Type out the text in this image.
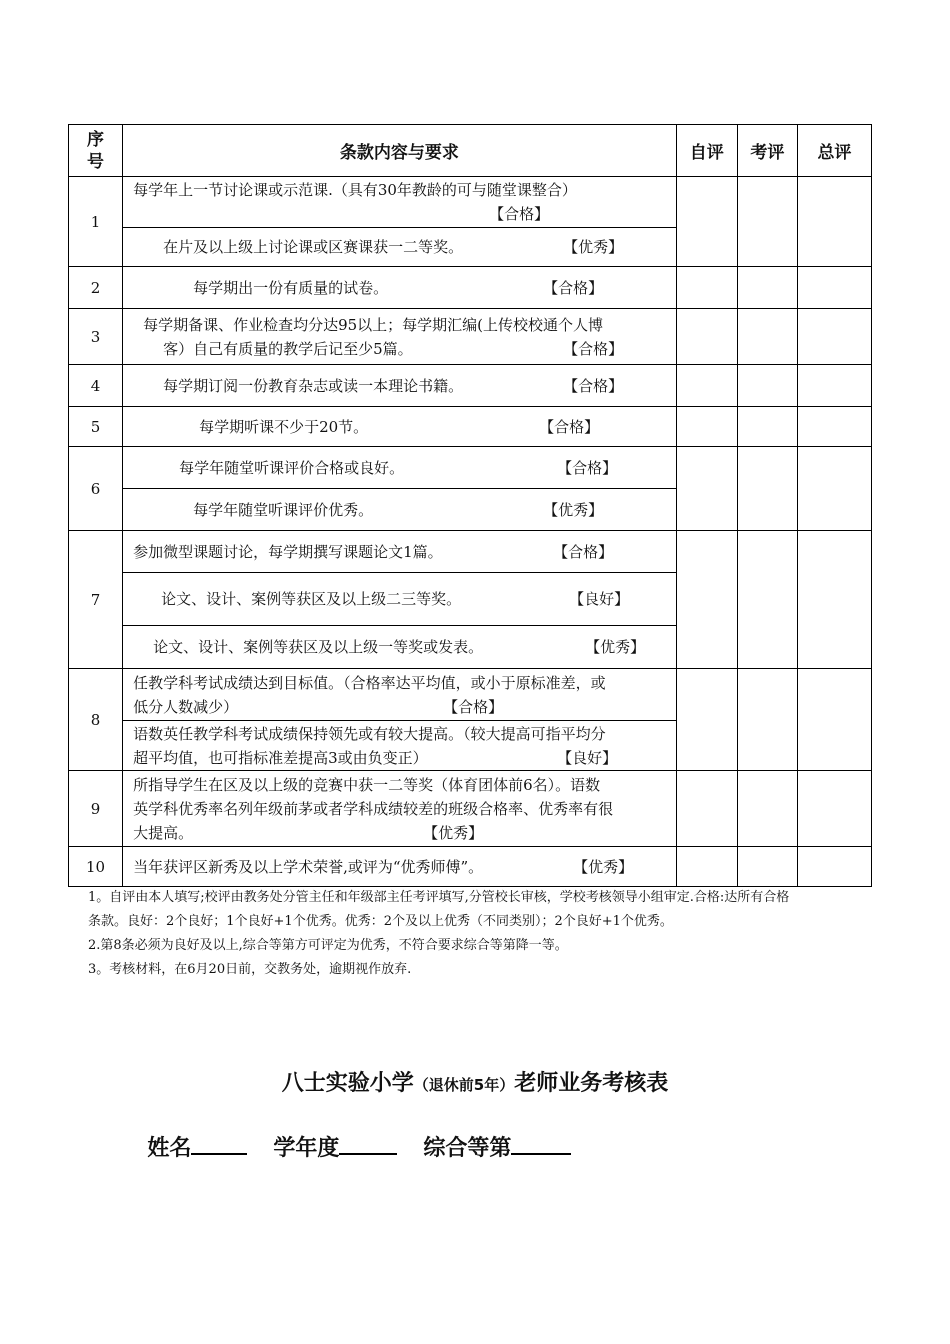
序
号	条款内容与要求	自评	考评	总评
1	每学年上一节讨论课或示范课.（具有30年教龄的可与随堂课整合）
【合格】			

	在片及以上级上讨论课或区赛课获一二等奖。 【优秀】			
2	每学期出一份有质量的试卷。 【合格】			
3	每学期备课、作业检查均分达95以上；每学期汇编(上传校校通个人博
客）自己有质量的教学后记至少5篇。 【合格】			

4	每学期订阅一份教育杂志或读一本理论书籍。 【合格】			
5	每学期听课不少于20节。 【合格】			
6	每学年随堂听课评价合格或良好。 【合格】			
	每学年随堂听课评价优秀。 【优秀】			
7	参加微型课题讨论，每学期撰写课题论文1篇。 【合格】			
	论文、设计、案例等获区及以上级二三等奖。 【良好】			
	论文、设计、案例等获区及以上级一等奖或发表。 【优秀】			
8	任教学科考试成绩达到目标值。（合格率达平均值，或小于原标准差，或
低分人数减少） 【合格】			

	语数英任教学科考试成绩保持领先或有较大提高。（较大提高可指平均分
超平均值，也可指标准差提高3或由负变正） 【良好】			

9	所指导学生在区及以上级的竞赛中获一二等奖（体育团体前6名）。语数
英学科优秀率名列年级前茅或者学科成绩较差的班级合格率、优秀率有很
大提高。 【优秀】			

10	当年获评区新秀及以上学术荣誉,或评为“优秀师傅”。 【优秀】			

1。自评由本人填写;校评由教务处分管主任和年级部主任考评填写,分管校长审核，学校考核领导小组审定.合格:达所有合格

条款。良好：2个良好；1个良好+1个优秀。优秀：2个及以上优秀（不同类别）；2个良好+1个优秀。

2.第8条必须为良好及以上,综合等第方可评定为优秀，不符合要求综合等第降一等。

3。考核材料，在6月20日前，交教务处，逾期视作放弃.

八士实验小学（退休前5年）老师业务考核表

姓名	学年度	综合等第
